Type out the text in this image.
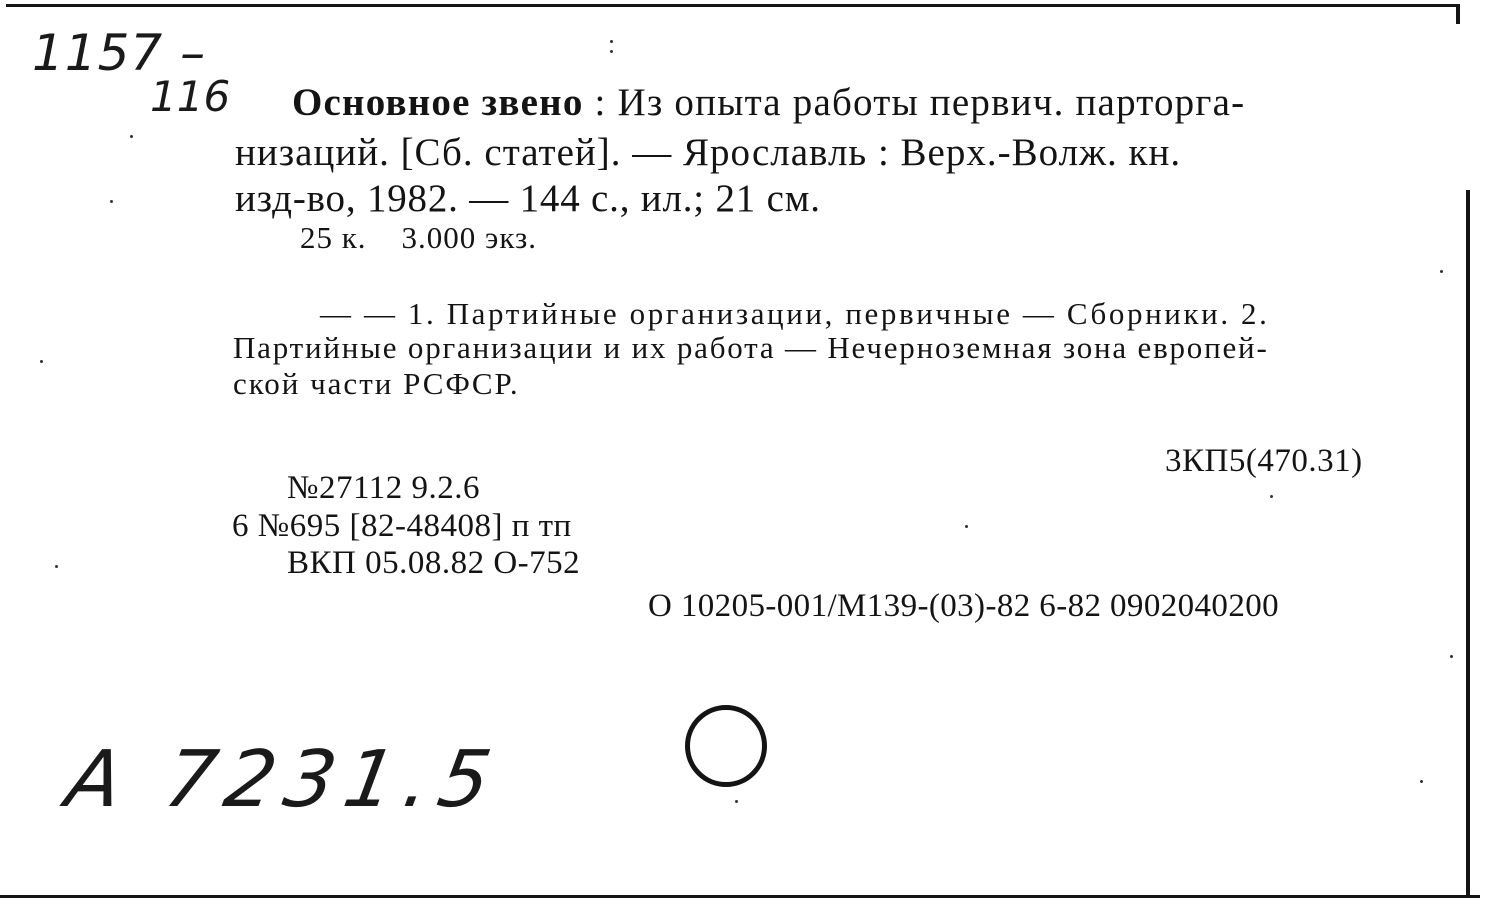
1157 –
116 Основное звено : Из опыта работы первич. парторга-
низаций. [Сб. статей]. — Ярославль : Верх.-Волж. кн.
изд-во, 1982. — 144 с., ил.; 21 см.
25 к.    3.000 экз.
— — 1. Партийные организации, первичные — Сборники. 2.
Партийные организации и их работа — Нечерноземная зона европей-
ской части РСФСР.
3КП5(470.31)
№27112 9.2.6
6 №695 [82-48408] п тп
ВКП 05.08.82 О-752
О 10205-001/М139-(03)-82 6-82 0902040200
A 7231.5
